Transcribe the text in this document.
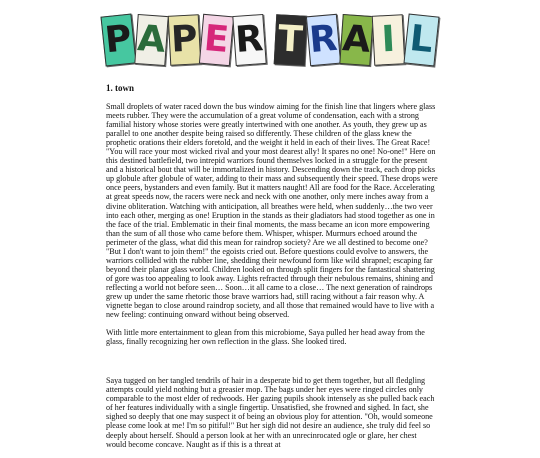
P A P E R T R A I L
1. town

Small droplets of water raced down the bus window aiming for the finish line that lingers where glass meets rubber. They were the accumulation of a great volume of condensation, each with a strong familial history whose stories were greatly intertwined with one another. As youth, they grew up as parallel to one another despite being raised so differently. These children of the glass knew the prophetic orations their elders foretold, and the weight it held in each of their lives. The Great Race! "You will race your most wicked rival and your most dearest ally! It spares no one! No-one!" Here on this destined battlefield, two intrepid warriors found themselves locked in a struggle for the present and a historical bout that will be immortalized in history. Descending down the track, each drop picks up globule after globule of water, adding to their mass and subsequently their speed. These drops were once peers, bystanders and even family. But it matters naught! All are food for the Race. Accelerating at great speeds now, the racers were neck and neck with one another, only mere inches away from a divine obliteration. Watching with anticipation, all breathes were held, when suddenly…the two veer into each other, merging as one! Eruption in the stands as their gladiators had stood together as one in the face of the trial. Emblematic in their final moments, the mass became an icon more empowering than the sum of all those who came before them. Whisper, whisper. Murmurs echoed around the perimeter of the glass, what did this mean for raindrop society? Are we all destined to become one? "But I don't want to join them!" the egoists cried out. Before questions could evolve to answers, the warriors collided with the rubber line, shedding their newfound form like wild shrapnel; escaping far beyond their planar glass world. Children looked on through split fingers for the fantastical shattering of gore was too appealing to look away. Lights refracted through their nebulous remains, shining and reflecting a world not before seen… Soon…it all came to a close… The next generation of raindrops grew up under the same rhetoric those brave warriors had, still racing without a fair reason why. A vignette began to close around raindrop society, and all those that remained would have to live with a new feeling: continuing onward without being observed.

With little more entertainment to glean from this microbiome, Saya pulled her head away from the glass, finally recognizing her own reflection in the glass. She looked tired.

Saya tugged on her tangled tendrils of hair in a desperate bid to get them together, but all fledgling attempts could yield nothing but a greasier mop. The bags under her eyes were ringed circles only comparable to the most elder of redwoods. Her gazing pupils shook intensely as she pulled back each of her features individually with a single fingertip. Unsatisfied, she frowned and sighed. In fact, she sighed so deeply that one may suspect it of being an obvious ploy for attention. "Oh, would someone please come look at me! I'm so pitiful!" But her sigh did not desire an audience, she truly did feel so deeply about herself. Should a person look at her with an unrecinrocated ogle or glare, her chest would become concave. Naught as if this is a threat at
